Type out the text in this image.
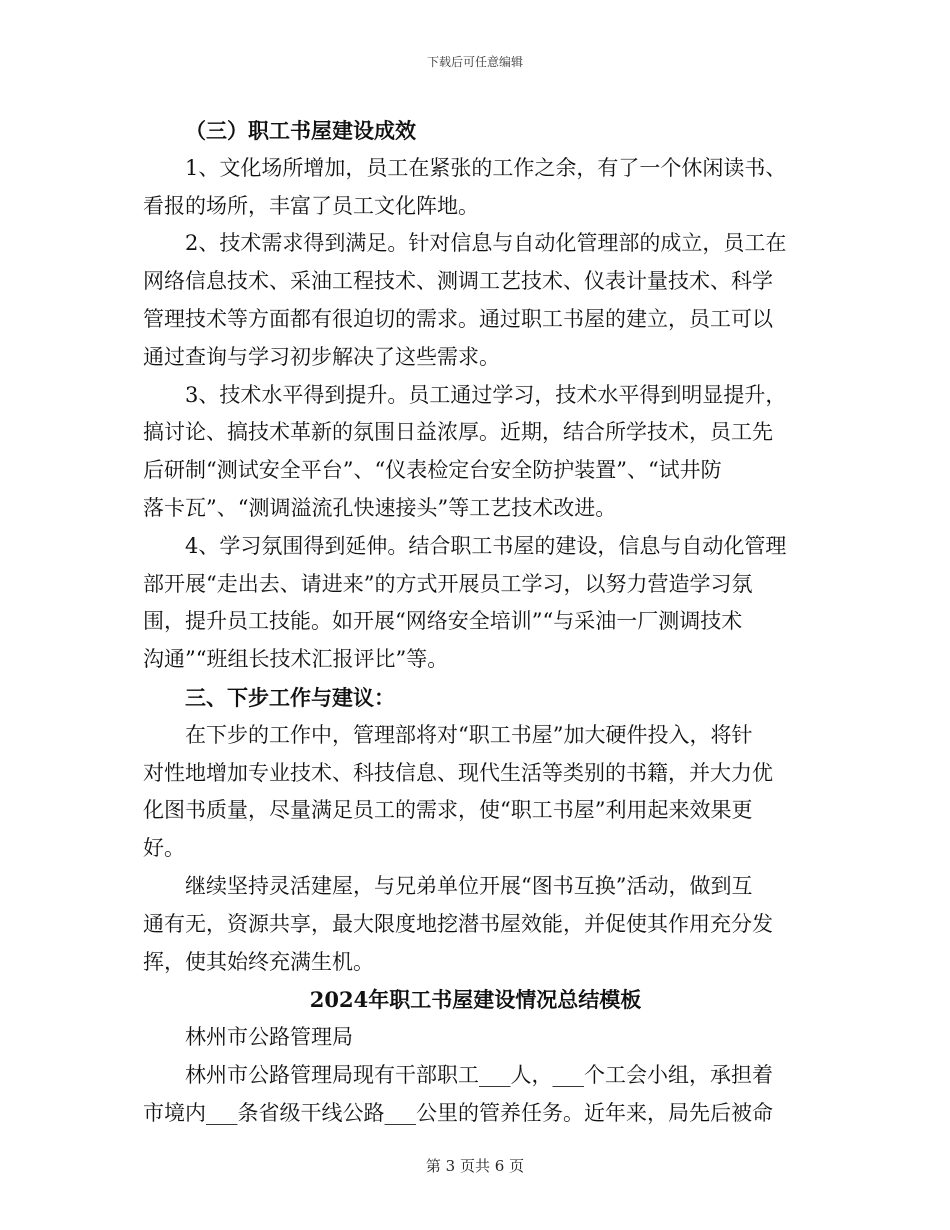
下载后可任意编辑
（三）职工书屋建设成效
1、文化场所增加，员工在紧张的工作之余，有了一个休闲读书、
看报的场所，丰富了员工文化阵地。
2、技术需求得到满足。针对信息与自动化管理部的成立，员工在
网络信息技术、采油工程技术、测调工艺技术、仪表计量技术、科学
管理技术等方面都有很迫切的需求。通过职工书屋的建立，员工可以
通过查询与学习初步解决了这些需求。
3、技术水平得到提升。员工通过学习，技术水平得到明显提升，
搞讨论、搞技术革新的氛围日益浓厚。近期，结合所学技术，员工先
后研制“测试安全平台”、“仪表检定台安全防护装置”、“试井防
落卡瓦”、“测调溢流孔快速接头”等工艺技术改进。
4、学习氛围得到延伸。结合职工书屋的建设，信息与自动化管理
部开展“走出去、请进来”的方式开展员工学习，以努力营造学习氛
围，提升员工技能。如开展“网络安全培训”“与采油一厂测调技术
沟通”“班组长技术汇报评比”等。
三、下步工作与建议：
在下步的工作中，管理部将对“职工书屋”加大硬件投入，将针
对性地增加专业技术、科技信息、现代生活等类别的书籍，并大力优
化图书质量，尽量满足员工的需求，使“职工书屋”利用起来效果更
好。
继续坚持灵活建屋，与兄弟单位开展“图书互换”活动，做到互
通有无，资源共享，最大限度地挖潜书屋效能，并促使其作用充分发
挥，使其始终充满生机。
2024年职工书屋建设情况总结模板
林州市公路管理局
林州市公路管理局现有干部职工___人，___个工会小组，承担着
市境内___条省级干线公路___公里的管养任务。近年来，局先后被命
第 3 页共 6 页
